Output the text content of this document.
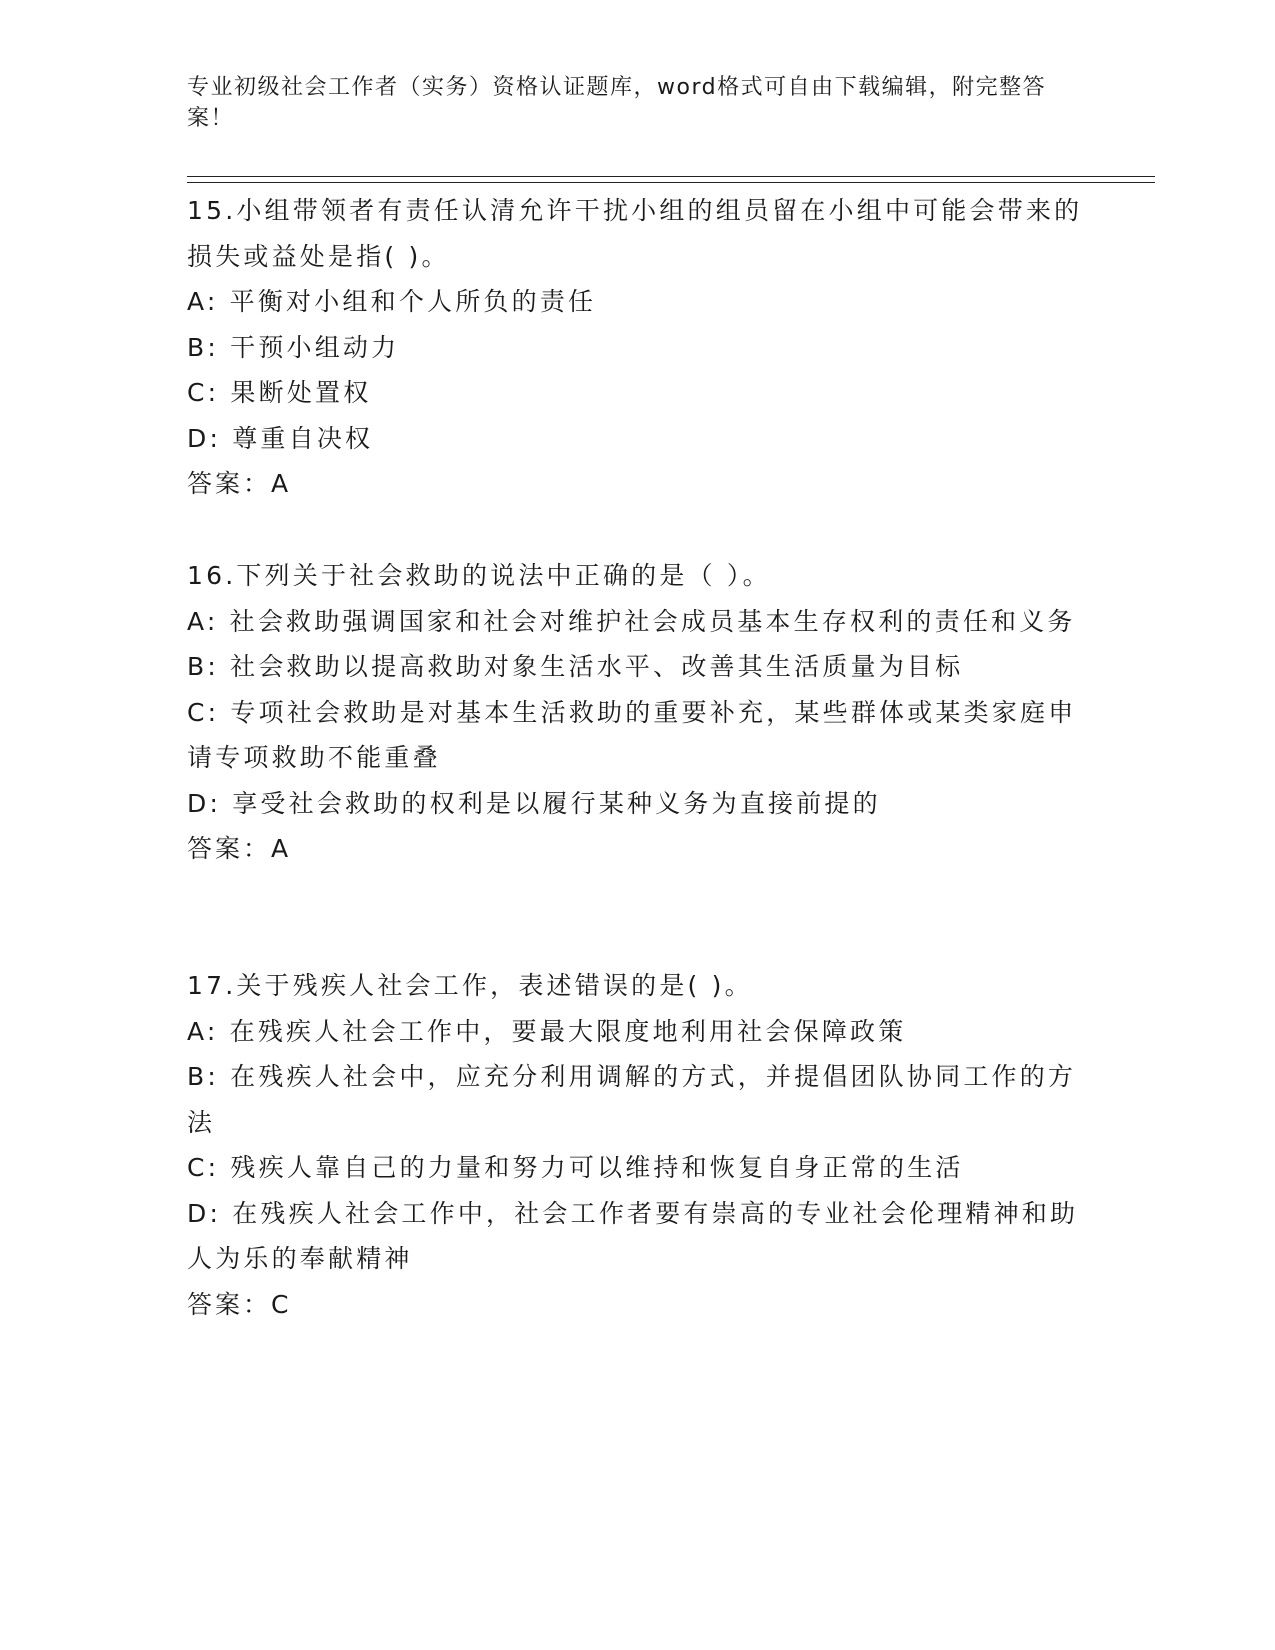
专业初级社会工作者（实务）资格认证题库，word格式可自由下载编辑，附完整答案！

15.小组带领者有责任认清允许干扰小组的组员留在小组中可能会带来的损失或益处是指( )。

A: 平衡对小组和个人所负的责任

B: 干预小组动力

C: 果断处置权

D: 尊重自决权

答案：A

16.下列关于社会救助的说法中正确的是（ ）。

A: 社会救助强调国家和社会对维护社会成员基本生存权利的责任和义务

B: 社会救助以提高救助对象生活水平、改善其生活质量为目标

C: 专项社会救助是对基本生活救助的重要补充，某些群体或某类家庭申请专项救助不能重叠

D: 享受社会救助的权利是以履行某种义务为直接前提的

答案：A

17.关于残疾人社会工作，表述错误的是( )。

A: 在残疾人社会工作中，要最大限度地利用社会保障政策

B: 在残疾人社会中，应充分利用调解的方式，并提倡团队协同工作的方法

C: 残疾人靠自己的力量和努力可以维持和恢复自身正常的生活

D: 在残疾人社会工作中，社会工作者要有崇高的专业社会伦理精神和助人为乐的奉献精神

答案：C
